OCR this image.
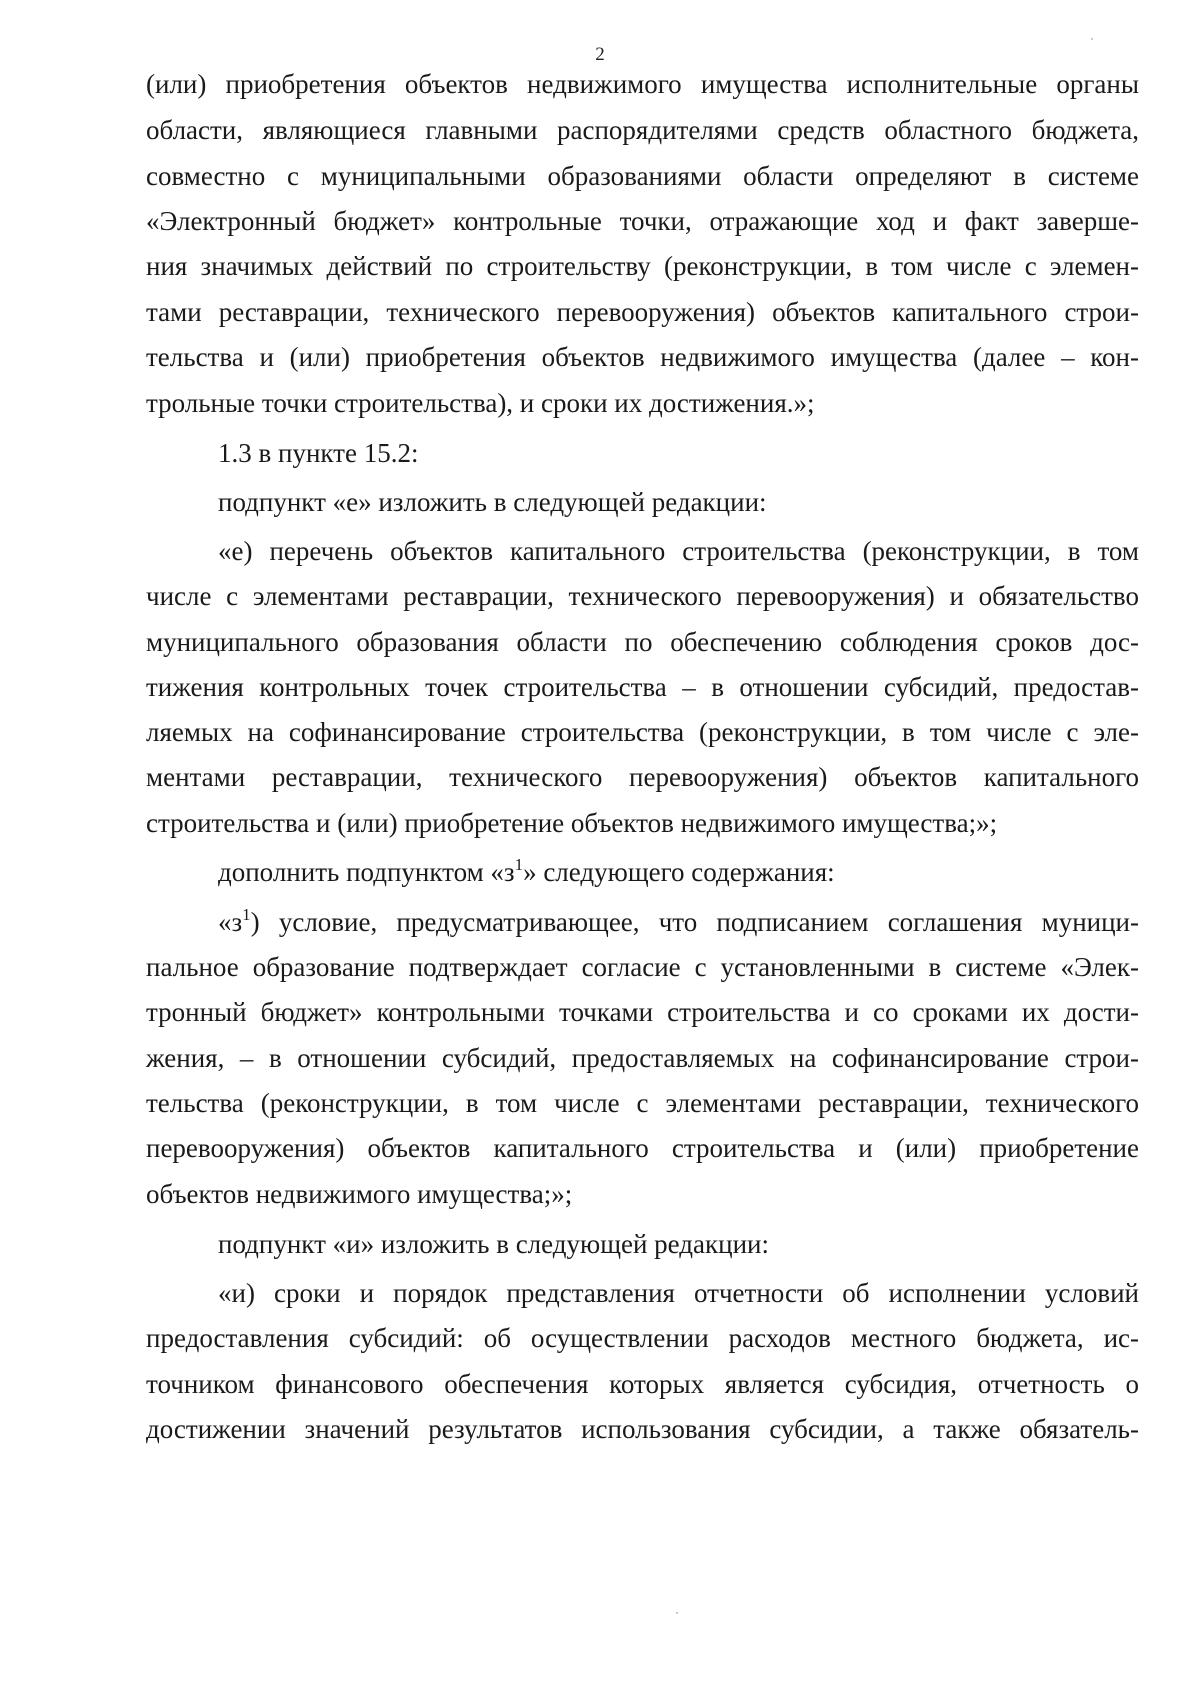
2
(или) приобретения объектов недвижимого имущества исполнительные органы
области, являющиеся главными распорядителями средств областного бюджета,
совместно с муниципальными образованиями области определяют в системе
«Электронный бюджет» контрольные точки, отражающие ход и факт заверше-
ния значимых действий по строительству (реконструкции, в том числе с элемен-
тами реставрации, технического перевооружения) объектов капитального строи-
тельства и (или) приобретения объектов недвижимого имущества (далее – кон-
трольные точки строительства), и сроки их достижения.»;
1.3 в пункте 15.2:
подпункт «е» изложить в следующей редакции:
«е) перечень объектов капитального строительства (реконструкции, в том
числе с элементами реставрации, технического перевооружения) и обязательство
муниципального образования области по обеспечению соблюдения сроков дос-
тижения контрольных точек строительства – в отношении субсидий, предостав-
ляемых на софинансирование строительства (реконструкции, в том числе с эле-
ментами реставрации, технического перевооружения) объектов капитального
строительства и (или) приобретение объектов недвижимого имущества;»;
дополнить подпунктом «з$^1$» следующего содержания:
«з$^1$) условие, предусматривающее, что подписанием соглашения муници-
пальное образование подтверждает согласие с установленными в системе «Элек-
тронный бюджет» контрольными точками строительства и со сроками их дости-
жения, – в отношении субсидий, предоставляемых на софинансирование строи-
тельства (реконструкции, в том числе с элементами реставрации, технического
перевооружения) объектов капитального строительства и (или) приобретение
объектов недвижимого имущества;»;
подпункт «и» изложить в следующей редакции:
«и) сроки и порядок представления отчетности об исполнении условий
предоставления субсидий: об осуществлении расходов местного бюджета, ис-
точником финансового обеспечения которых является субсидия, отчетность о
достижении значений результатов использования субсидии, а также обязатель-
